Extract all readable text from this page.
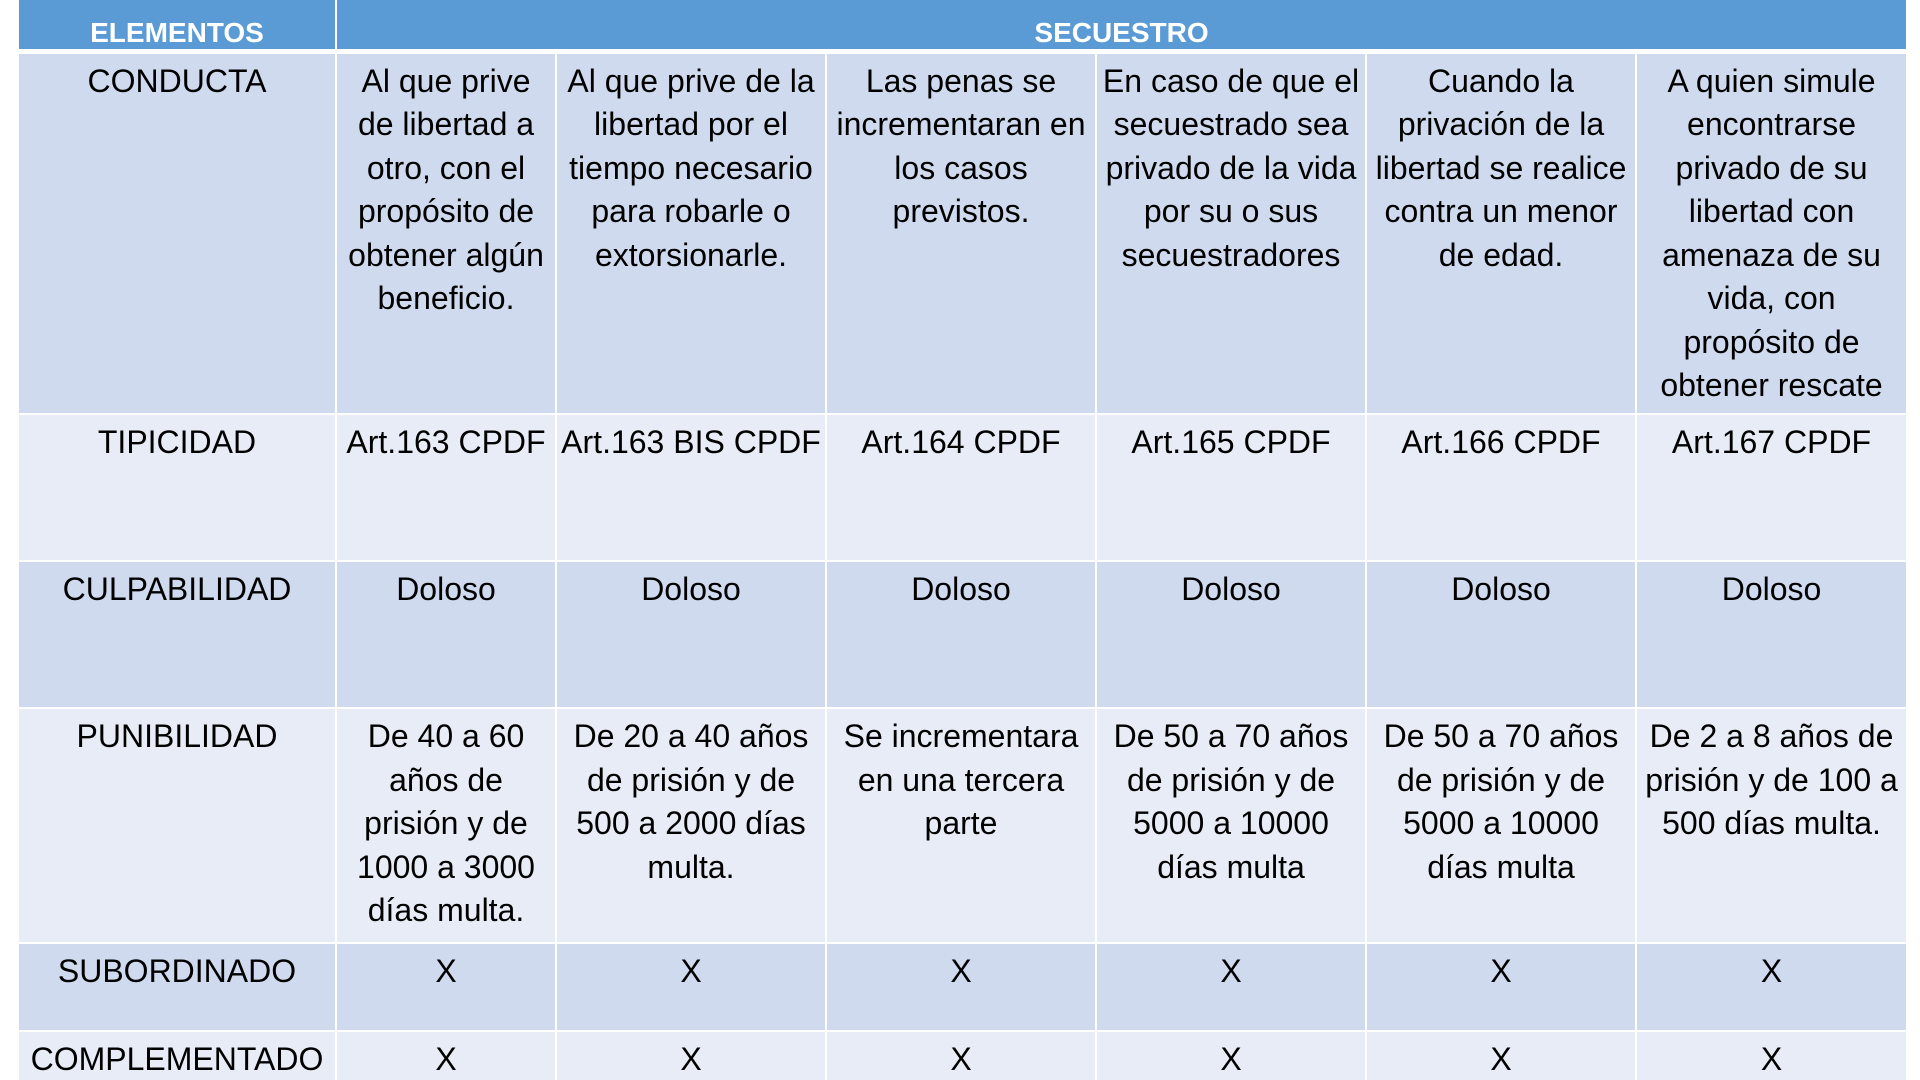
ELEMENTOS	SECUESTRO					
CONDUCTA	Al que prive de libertad a otro, con el propósito de obtener algún beneficio.	Al que prive de la libertad por el tiempo necesario para robarle o extorsionarle.	Las penas se incrementaran en los casos previstos.	En caso de que el secuestrado sea privado de la vida por su o sus secuestradores	Cuando la privación de la libertad se realice contra un menor de edad.	A quien simule encontrarse privado de su libertad con amenaza de su vida, con propósito de obtener rescate
TIPICIDAD	Art.163 CPDF	Art.163 BIS CPDF	Art.164 CPDF	Art.165 CPDF	Art.166 CPDF	Art.167 CPDF
CULPABILIDAD	Doloso	Doloso	Doloso	Doloso	Doloso	Doloso
PUNIBILIDAD	De 40 a 60 años de prisión y de 1000 a 3000 días multa.	De 20 a 40 años de prisión y de 500 a 2000 días multa.	Se incrementara en una tercera parte	De 50 a 70 años de prisión y de 5000 a 10000 días multa	De 50 a 70 años de prisión y de 5000 a 10000 días multa	De 2 a 8 años de prisión y de 100 a 500 días multa.
SUBORDINADO	X	X	X	X	X	X
COMPLEMENTADO	X	X	X	X	X	X
